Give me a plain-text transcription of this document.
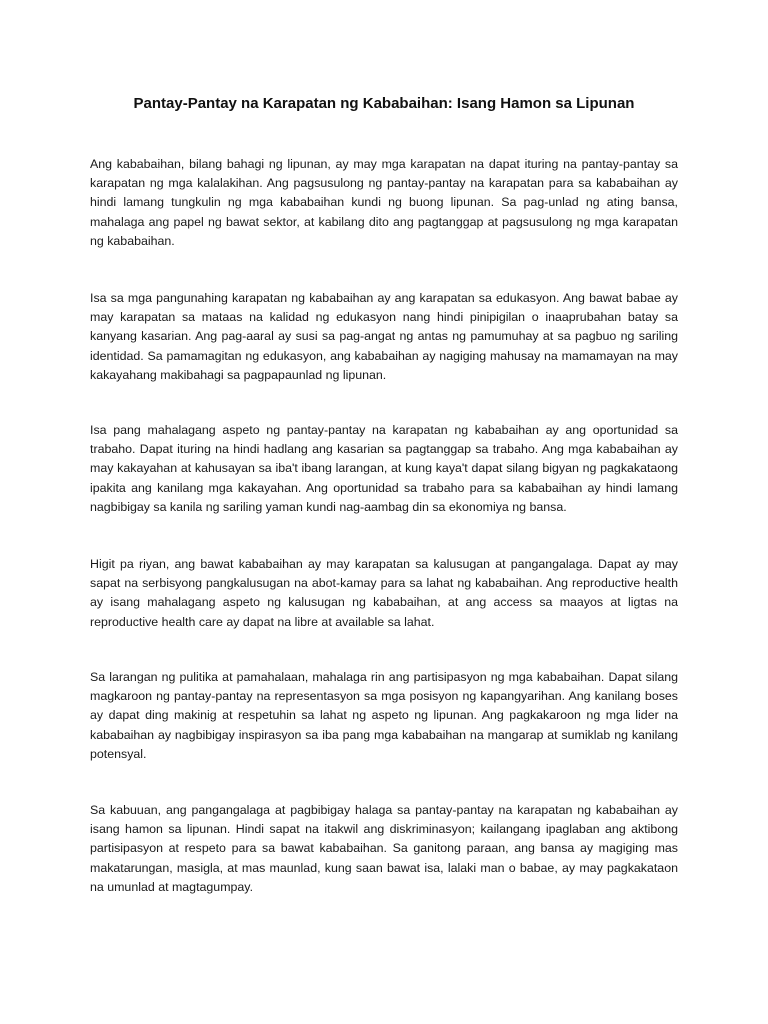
Pantay-Pantay na Karapatan ng Kababaihan: Isang Hamon sa Lipunan

Ang kababaihan, bilang bahagi ng lipunan, ay may mga karapatan na dapat ituring na pantay-pantay sa karapatan ng mga kalalakihan. Ang pagsusulong ng pantay-pantay na karapatan para sa kababaihan ay hindi lamang tungkulin ng mga kababaihan kundi ng buong lipunan. Sa pag-unlad ng ating bansa, mahalaga ang papel ng bawat sektor, at kabilang dito ang pagtanggap at pagsusulong ng mga karapatan ng kababaihan.

Isa sa mga pangunahing karapatan ng kababaihan ay ang karapatan sa edukasyon. Ang bawat babae ay may karapatan sa mataas na kalidad ng edukasyon nang hindi pinipigilan o inaaprubahan batay sa kanyang kasarian. Ang pag-aaral ay susi sa pag-angat ng antas ng pamumuhay at sa pagbuo ng sariling identidad. Sa pamamagitan ng edukasyon, ang kababaihan ay nagiging mahusay na mamamayan na may kakayahang makibahagi sa pagpapaunlad ng lipunan.

Isa pang mahalagang aspeto ng pantay-pantay na karapatan ng kababaihan ay ang oportunidad sa trabaho. Dapat ituring na hindi hadlang ang kasarian sa pagtanggap sa trabaho. Ang mga kababaihan ay may kakayahan at kahusayan sa iba't ibang larangan, at kung kaya't dapat silang bigyan ng pagkakataong ipakita ang kanilang mga kakayahan. Ang oportunidad sa trabaho para sa kababaihan ay hindi lamang nagbibigay sa kanila ng sariling yaman kundi nag-aambag din sa ekonomiya ng bansa.

Higit pa riyan, ang bawat kababaihan ay may karapatan sa kalusugan at pangangalaga. Dapat ay may sapat na serbisyong pangkalusugan na abot-kamay para sa lahat ng kababaihan. Ang reproductive health ay isang mahalagang aspeto ng kalusugan ng kababaihan, at ang access sa maayos at ligtas na reproductive health care ay dapat na libre at available sa lahat.

Sa larangan ng pulitika at pamahalaan, mahalaga rin ang partisipasyon ng mga kababaihan. Dapat silang magkaroon ng pantay-pantay na representasyon sa mga posisyon ng kapangyarihan. Ang kanilang boses ay dapat ding makinig at respetuhin sa lahat ng aspeto ng lipunan. Ang pagkakaroon ng mga lider na kababaihan ay nagbibigay inspirasyon sa iba pang mga kababaihan na mangarap at sumiklab ng kanilang potensyal.

Sa kabuuan, ang pangangalaga at pagbibigay halaga sa pantay-pantay na karapatan ng kababaihan ay isang hamon sa lipunan. Hindi sapat na itakwil ang diskriminasyon; kailangang ipaglaban ang aktibong partisipasyon at respeto para sa bawat kababaihan. Sa ganitong paraan, ang bansa ay magiging mas makatarungan, masigla, at mas maunlad, kung saan bawat isa, lalaki man o babae, ay may pagkakataon na umunlad at magtagumpay.
